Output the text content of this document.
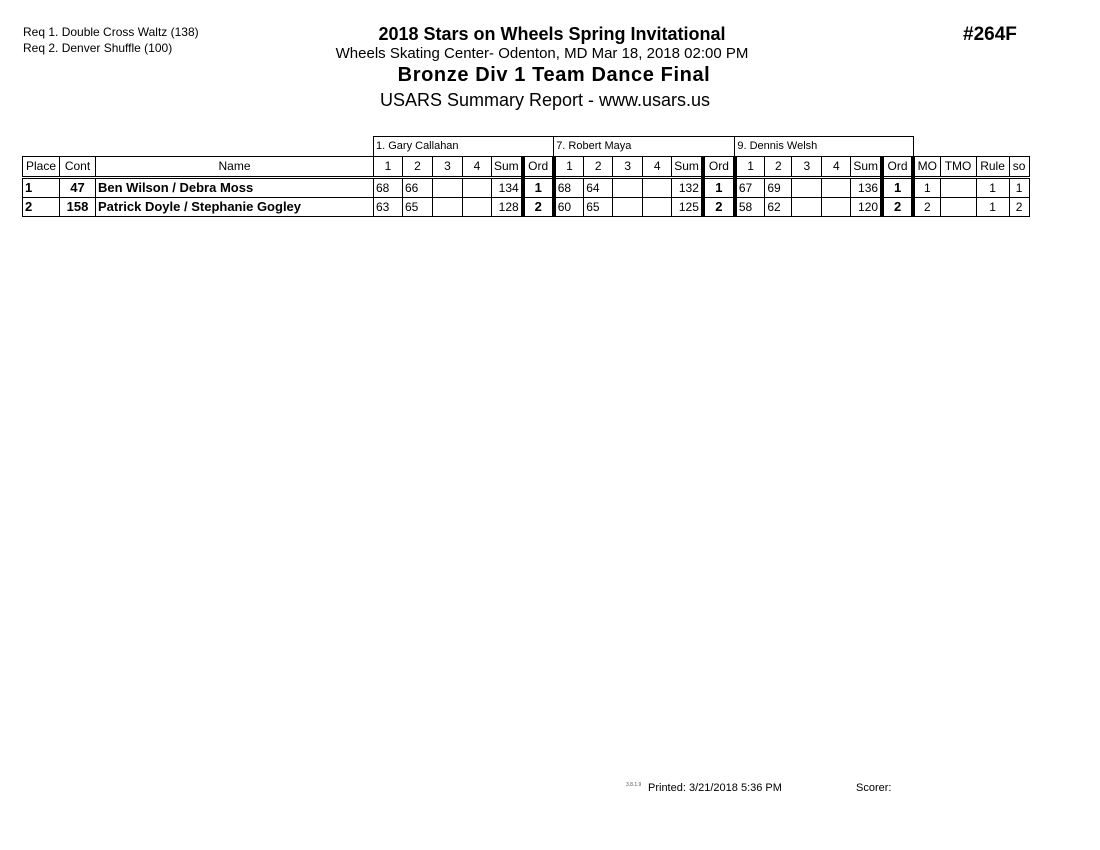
Req 1. Double Cross Waltz (138)
Req 2. Denver Shuffle (100)
2018 Stars on Wheels Spring Invitational
Wheels Skating Center- Odenton, MD Mar 18, 2018 02:00 PM
Bronze Div 1 Team Dance Final
USARS Summary Report - www.usars.us
#264F
			1. Gary Callahan						7. Robert Maya						9. Dennis Welsh									
Place	Cont	Name	1	2	3	4	Sum	Ord	1	2	3	4	Sum	Ord	1	2	3	4	Sum	Ord	MO	TMO	Rule	so
1	47	Ben Wilson / Debra Moss	68	66			134	1	68	64			132	1	67	69			136	1	1		1	1
2	158	Patrick Doyle / Stephanie Gogley	63	65			128	2	60	65			125	2	58	62			120	2	2		1	2
3.8.1.9 Printed: 3/21/2018 5:36 PM	Scorer:
